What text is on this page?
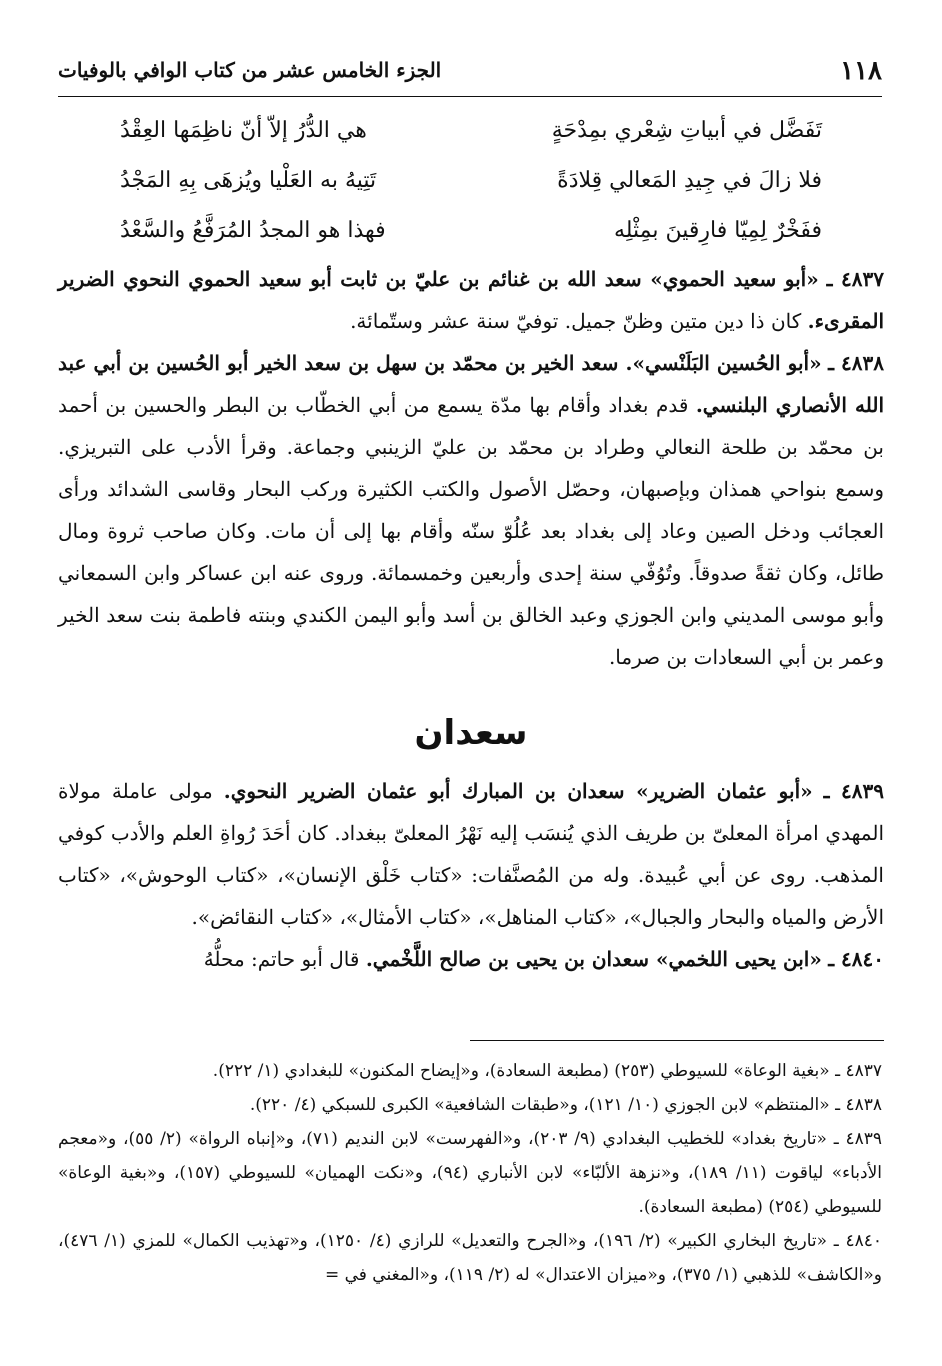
١١٨
الجزء الخامس عشر من كتاب الوافي بالوفيات
تَفَضَّل في أبياتِ شِعْري بمِدْحَةٍ
هي الدُّرُ إلاّ أنّ ناظِمَها العِقْدُ
فلا زالَ في جِيدِ المَعالي قِلادَةً
تَتِيهُ به العَلْيا ويُزهَى بِهِ المَجْدُ
ففَخْرٌ لِمِيّا فارِقينَ بمِثْلِه
فهذا هو المجدُ المُرَفَّعُ والسَّعْدُ

٤٨٣٧ ـ «أبو سعيد الحموي» سعد الله بن غنائم بن عليّ بن ثابت أبو سعيد الحموي النحوي الضرير المقرىء. كان ذا دين متين وظنّ جميل. توفيّ سنة عشر وستّمائة.

٤٨٣٨ ـ «أبو الحُسين البَلَنْسي». سعد الخير بن محمّد بن سهل بن سعد الخير أبو الحُسين بن أبي عبد الله الأنصاري البلنسي. قدم بغداد وأقام بها مدّة يسمع من أبي الخطّاب بن البطر والحسين بن أحمد بن محمّد بن طلحة النعالي وطراد بن محمّد بن عليّ الزينبي وجماعة. وقرأ الأدب على التبريزي. وسمع بنواحي همذان وبإصبهان، وحصّل الأصول والكتب الكثيرة وركب البحار وقاسى الشدائد ورأى العجائب ودخل الصين وعاد إلى بغداد بعد عُلُوّ سنّه وأقام بها إلى أن مات. وكان صاحب ثروة ومال طائل، وكان ثقةً صدوقاً. وتُوُفّي سنة إحدى وأربعين وخمسمائة. وروى عنه ابن عساكر وابن السمعاني وأبو موسى المديني وابن الجوزي وعبد الخالق بن أسد وأبو اليمن الكندي وبنته فاطمة بنت سعد الخير وعمر بن أبي السعادات بن صرما.

سعدان

٤٨٣٩ ـ «أبو عثمان الضرير» سعدان بن المبارك أبو عثمان الضرير النحوي. مولى عاملة مولاة المهدي امرأة المعلىّ بن طريف الذي يُنسَب إليه نَهْرُ المعلىّ ببغداد. كان أحَدَ رُواةِ العلم والأدب كوفي المذهب. روى عن أبي عُبيدة. وله من المُصنَّفات: «كتاب خَلْق الإنسان»، «كتاب الوحوش»، «كتاب الأرض والمياه والبحار والجبال»، «كتاب المناهل»، «كتاب الأمثال»، «كتاب النقائض».

٤٨٤٠ ـ «ابن يحيى اللخمي» سعدان بن يحيى بن صالح اللَّخْمي. قال أبو حاتم: محلُّهُ

٤٨٣٧ ـ «بغية الوعاة» للسيوطي (٢٥٣) (مطبعة السعادة)، و«إيضاح المكنون» للبغدادي (١/ ٢٢٢).

٤٨٣٨ ـ «المنتظم» لابن الجوزي (١٠/ ١٢١)، و«طبقات الشافعية» الكبرى للسبكي (٤/ ٢٢٠).

٤٨٣٩ ـ «تاريخ بغداد» للخطيب البغدادي (٩/ ٢٠٣)، و«الفهرست» لابن النديم (٧١)، و«إنباه الرواة» (٢/ ٥٥)، و«معجم الأدباء» لياقوت (١١/ ١٨٩)، و«نزهة الألبّاء» لابن الأنباري (٩٤)، و«نكت الهميان» للسيوطي (١٥٧)، و«بغية الوعاة» للسيوطي (٢٥٤) (مطبعة السعادة).

٤٨٤٠ ـ «تاريخ البخاري الكبير» (٢/ ١٩٦)، و«الجرح والتعديل» للرازي (٤/ ١٢٥٠)، و«تهذيب الكمال» للمزي (١/ ٤٧٦)، و«الكاشف» للذهبي (١/ ٣٧٥)، و«ميزان الاعتدال» له (٢/ ١١٩)، و«المغني في =
